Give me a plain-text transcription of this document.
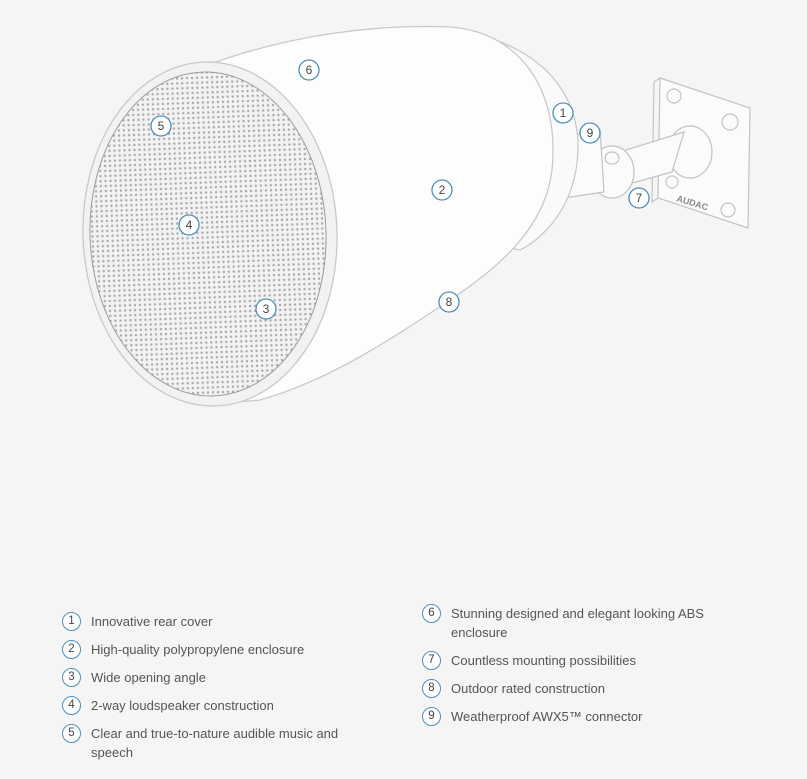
AUDAC
1
2
3
4
5
6
7
8
9
1	Innovative rear cover
2	High-quality polypropylene enclosure
3	Wide opening angle
4	2-way loudspeaker construction
5	Clear and true-to-nature audible music and speech
6	Stunning designed and elegant looking ABS enclosure
7	Countless mounting possibilities
8	Outdoor rated construction
9	Weatherproof AWX5™ connector
